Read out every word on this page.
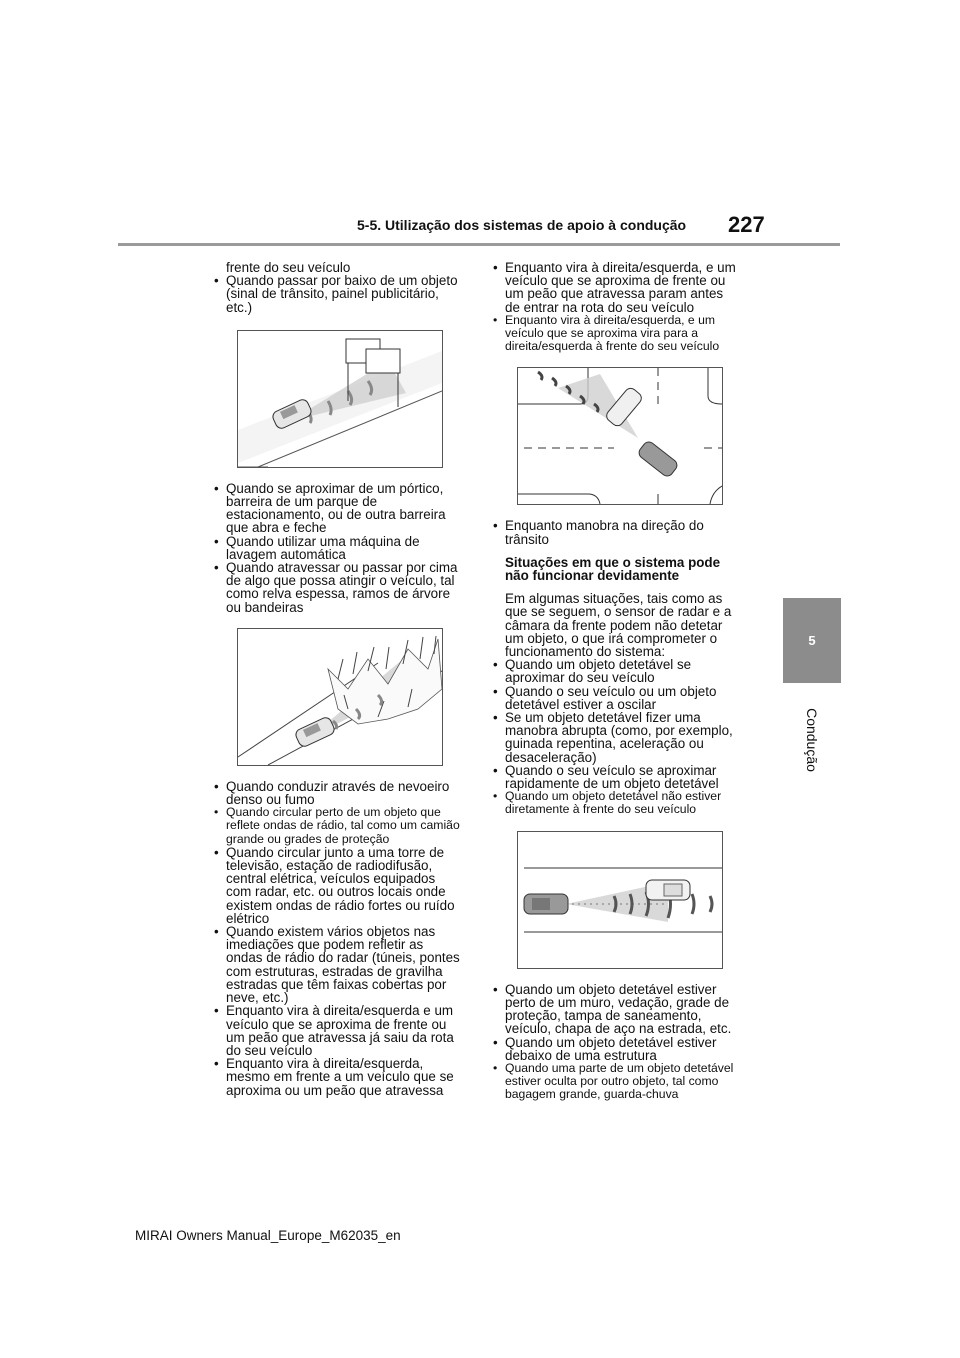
5-5. Utilização dos sistemas de apoio à condução 227
5
Condução

frente do seu veículo

• Quando passar por baixo de um objeto (sinal de trânsito, painel publicitário, etc.)
• Quando se aproximar de um pórtico, barreira de um parque de estacionamento, ou de outra barreira que abra e feche
• Quando utilizar uma máquina de lavagem automática
• Quando atravessar ou passar por cima de algo que possa atingir o veículo, tal como relva espessa, ramos de árvore ou bandeiras
• Quando conduzir através de nevoeiro denso ou fumo
• Quando circular perto de um objeto que reflete ondas de rádio, tal como um camião grande ou grades de proteção
• Quando circular junto a uma torre de televisão, estação de radiodifusão, central elétrica, veículos equipados com radar, etc. ou outros locais onde existem ondas de rádio fortes ou ruído elétrico
• Quando existem vários objetos nas imediações que podem refletir as ondas de rádio do radar (túneis, pontes com estruturas, estradas de gravilha estradas que têm faixas cobertas por neve, etc.)
• Enquanto vira à direita/esquerda e um veículo que se aproxima de frente ou um peão que atravessa já saiu da rota do seu veículo
• Enquanto vira à direita/esquerda, mesmo em frente a um veículo que se aproxima ou um peão que atravessa
• Enquanto vira à direita/esquerda, e um veículo que se aproxima de frente ou um peão que atravessa param antes de entrar na rota do seu veículo
• Enquanto vira à direita/esquerda, e um veículo que se aproxima vira para a direita/esquerda à frente do seu veículo
• Enquanto manobra na direção do trânsito

Situações em que o sistema pode não funcionar devidamente

Em algumas situações, tais como as que se seguem, o sensor de radar e a câmara da frente podem não detetar um objeto, o que irá comprometer o funcionamento do sistema:

• Quando um objeto detetável se aproximar do seu veículo
• Quando o seu veículo ou um objeto detetável estiver a oscilar
• Se um objeto detetável fizer uma manobra abrupta (como, por exemplo, guinada repentina, aceleração ou desaceleração)
• Quando o seu veículo se aproximar rapidamente de um objeto detetável
• Quando um objeto detetável não estiver diretamente à frente do seu veículo
• Quando um objeto detetável estiver perto de um muro, vedação, grade de proteção, tampa de saneamento, veículo, chapa de aço na estrada, etc.
• Quando um objeto detetável estiver debaixo de uma estrutura
• Quando uma parte de um objeto detetável estiver oculta por outro objeto, tal como bagagem grande, guarda-chuva
MIRAI Owners Manual_Europe_M62035_en
